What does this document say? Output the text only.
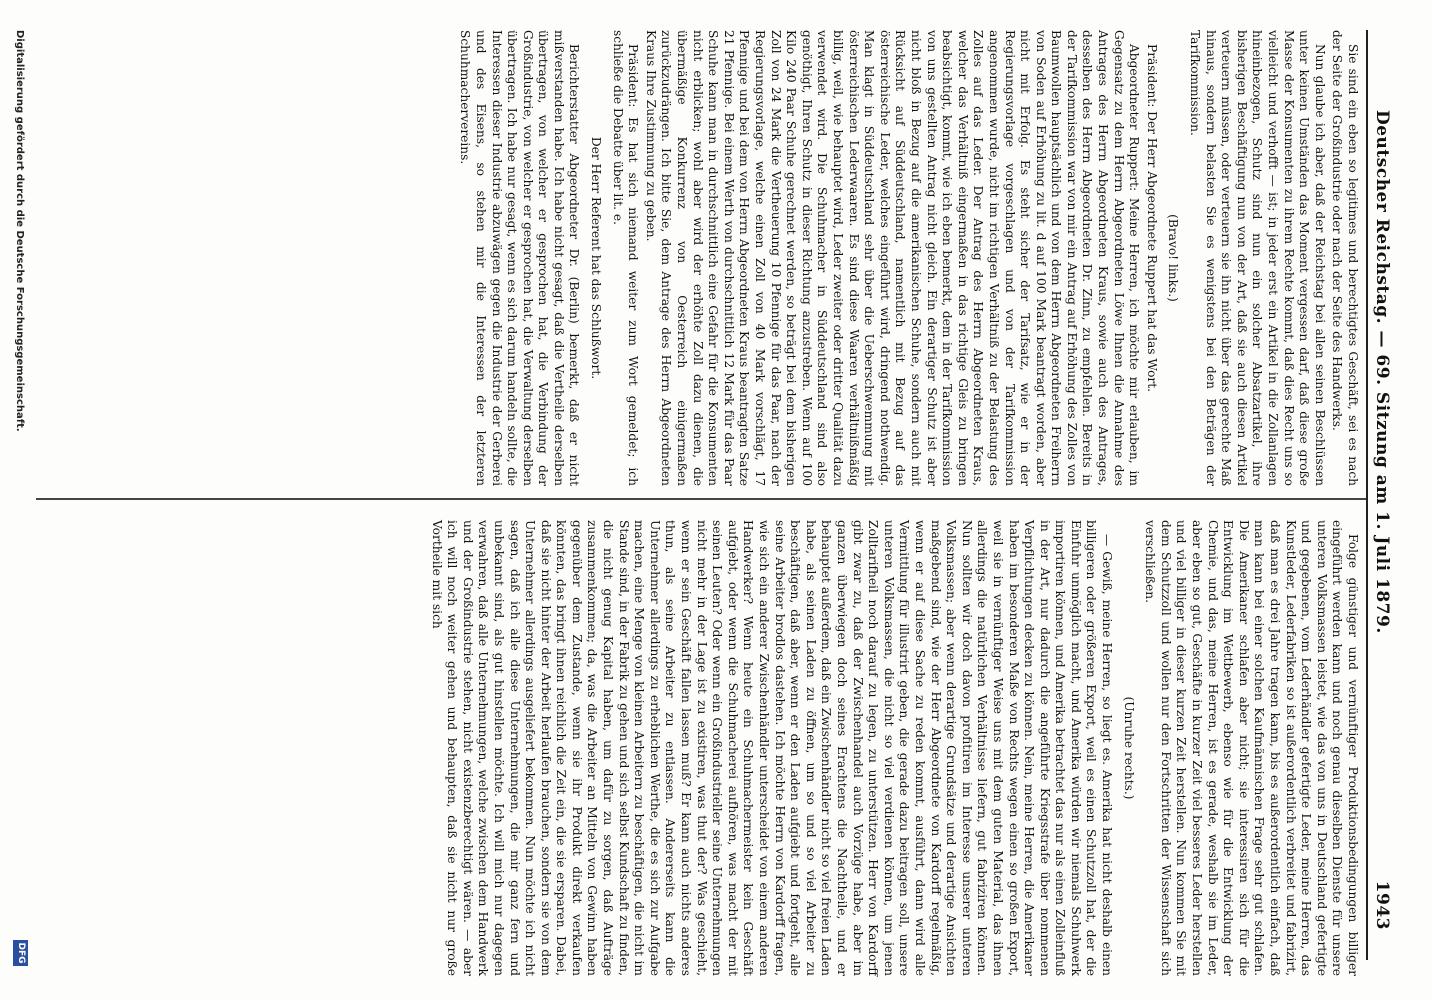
Deutscher Reichstag. — 69. Sitzung am 1. Juli 1879.
1943

Sie sind ein eben so legitimes und berechtigtes Geschäft, sei es nach der Seite der Großindustrie oder nach der Seite des Handwerks.

Nun glaube ich aber, daß der Reichstag bei allen seinen Beschlüssen unter keinen Umständen das Moment vergessen darf, daß diese große Masse der Konsumenten zu ihrem Rechte kommt, daß dies Recht uns so vielleicht und verhofft — ist; in jeder erst ein Artikel in die Zollanlagen hineinbezogen, Schutz sind nun ein solcher Absatzartikel, ihre bisherigen Beschäftigung nun von der Art, daß sie auch diesen Artikel verteuern müssen, oder verteuern sie ihn nicht über das gerechte Maß hinaus, sondern belasten Sie es wenigstens bei den Beträgen der Tarifkommission.

(Bravo! links.)

Präsident: Der Herr Abgeordnete Ruppert hat das Wort.

Abgeordneter Ruppert: Meine Herren, ich möchte mir erlauben, im Gegensatz zu dem Herrn Abgeordneten Löwe Ihnen die Annahme des Antrages des Herrn Abgeordneten Kraus, sowie auch des Antrages, desselben des Herrn Abgeordneten Dr. Zinn, zu empfehlen. Bereits in der Tarifkommission war von mir ein Antrag auf Erhöhung des Zolles von Baumwollen hauptsächlich und von dem Herrn Abgeordneten Freiherrn von Soden auf Erhöhung zu lit. d auf 100 Mark beantragt worden, aber nicht mit Erfolg. Es steht sicher der Tarifsatz, wie er in der Regierungsvorlage vorgeschlagen und von der Tarifkommission angenommen wurde, nicht im richtigen Verhältniß zu der Belastung des Zolles auf das Leder. Der Antrag des Herrn Abgeordneten Kraus, welcher das Verhältniß eingermaßen in das richtige Gleis zu bringen beabsichtigt, kommt, wie ich eben bemerkt, dem in der Tarifkommission von uns gestellten Antrag nicht gleich. Ein derartiger Schutz ist aber nicht bloß in Bezug auf die amerikanischen Schuhe, sondern auch mit Rücksicht auf Süddeutschland, namentlich mit Bezug auf das österreichische Leder, welches eingeführt wird, dringend nothwendig. Man klagt in Süddeutschland sehr über die Ueberschwemmung mit österreichischen Lederwaaren. Es sind diese Waaren verhältnißmäßig billig, weil, wie behauptet wird, Leder zweiter oder dritter Qualität dazu verwendet wird. Die Schuhmacher in Süddeutschland sind also genöthigt, Ihren Schutz in dieser Richtung anzustreben. Wenn auf 100 Kilo 240 Paar Schuhe gerechnet werden, so beträgt bei dem bisherigen Zoll von 24 Mark die Vertheuerung 10 Pfennige für das Paar, nach der Regierungsvorlage, welche einen Zoll von 40 Mark vorschlägt, 17 Pfennige und bei dem von Herrn Abgeordneten Kraus beantragten Satze 21 Pfennige. Bei einem Werth von durchschnittlich 12 Mark für das Paar Schuhe kann man in durchschnittlich eine Gefahr für die Konsumenten nicht erblicken; wohl aber wird der erhöhte Zoll dazu dienen, die übermäßige Konkurrenz von Oesterreich einigermaßen zurückzudrängen. Ich bitte Sie, dem Antrage des Herrn Abgeordneten Kraus Ihre Zustimmung zu geben.

Präsident: Es hat sich niemand weiter zum Wort gemeldet; ich schließe die Debatte über lit. e.

Der Herr Referent hat das Schlußwort.

Berichterstatter Abgeordneter Dr. (Berlin) bemerkt, daß er nicht mißverstanden habe. Ich habe nicht gesagt, daß die Vertheile derselben übertragen, von welcher er gesprochen hat, die Verbindung der Großindustrie, von welcher er gesprochen hat, die Verwaltung derselben übertragen. Ich habe nur gesagt, wenn es sich darum handeln sollte, die Interessen dieser Industrie abzuwägen gegen die Industrie der Gerberei und des Eisens, so stehen mir die Interessen der letzteren Schuhmachervereins.

Folge günstiger und vernünftiger Produktionsbedingungen billiger eingeführt werden kann und noch genau dieselben Dienste für unsere unteren Volksmassen leistet, wie das von uns in Deutschland gefertigte und gegebenen, vom Lederhändler gefertigte Leder, meine Herren, das Kunstleder, Lederfabriken so ist außerordentlich verbreitet und fabrizirt, daß man es drei Jahre tragen kann, bis es außerordentlich einfach, daß man kann bei einer solchen Kaufmännischen Frage sehr gut schlafen. Die Amerikaner schlafen aber nicht; sie interessiren sich für die Entwicklung im Wettbewerb, ebenso wie für die Entwicklung der Chemie, und das, meine Herren, ist es gerade, weshalb sie im Leder, aber eben so gut, Geschäfte in kurzer Zeit viel besseres Leder herstellen und viel billiger in dieser kurzen Zeit herstellen. Nun kommen Sie mit dem Schutzzoll und wollen nur den Fortschritten der Wissenschaft sich verschließen.

(Unruhe rechts.)

— Gewiß, meine Herren, so liegt es. Amerika hat nicht deshalb einen billigeren oder größeren Export, weil es einen Schutzzoll hat, der die Einfuhr unmöglich macht, und Amerika würden wir niemals Schuhwerk importiren können, und Amerika betrachtet das nur als einen Zolleinfluß in der Art, nur dadurch die angeführte Kriegsstrafe über nommenen Verpflichtungen decken zu können. Nein, meine Herren, die Amerikaner haben im besonderen Maße von Rechts wegen einen so großen Export, weil sie in vernünftiger Weise uns mit dem guten Material, das ihnen allerdings die natürlichen Verhältnisse liefern, gut fabriziren können. Nun sollten wir doch davon profitiren im Interesse unserer unteren Volksmassen; aber wenn derartige Grundsätze und derartige Ansichten maßgebend sind, wie der Herr Abgeordnete von Kardorff regelmäßig, wenn er auf diese Sache zu reden kommt, ausführt, dann wird alle Vermittlung für illustrirt geben, die gerade dazu beitragen soll, unsere unteren Volksmassen, die nicht so viel verdienen können, um jenen Zolltarifheil noch darauf zu legen, zu unterstützen. Herr von Kardorff gibt zwar zu, daß der Zwischenhandel auch Vorzüge habe, aber im ganzen überwiegen doch seines Erachtens die Nachtheile, und er behauptet außerdem, daß ein Zwischenhändler nicht so viel freien Laden habe, als seinen Laden zu öffnen, um so und so viel Arbeiter zu beschäftigen, daß aber, wenn er den Laden aufgiebt und fortgeht, alle seine Arbeiter brodlos dastehen. Ich möchte Herrn von Kardorff fragen, wie sich ein anderer Zwischenhändler unterscheidet von einem anderen Handwerker? Wenn heute ein Schuhmachermeister kein Geschäft aufgiebt, oder wenn die Schuhmacherei aufhören, was macht der mit seinen Leuten? Oder wenn ein Großindustrieller seine Unternehmungen nicht mehr in der Lage ist zu existiren, was thut der? Was geschieht, wenn er sein Geschäft fallen lassen muß? Er kann auch nichts anderes thun, als seine Arbeiter zu entlassen. Andererseits kann die Unternehmer allerdings zu erheblichen Werthe, die es sich zur Aufgabe machen, eine Menge von kleinen Arbeitern zu beschäftigen, die nicht im Stande sind, in der Fabrik zu gehen und sich selbst Kundschaft zu finden, die nicht genug Kapital haben, um dafür zu sorgen, daß Aufträge zusammenkommen; da, was die Arbeiter an Mitteln von Gewinn haben gegenüber dem Zustande, wenn sie ihr Produkt direkt verkaufen könnten, das bringt ihnen reichlich die Zeit ein, die sie ersparen. Dabei, daß sie nicht hinter der Arbeit herlaufen brauchen, sondern sie von dem Unternehmer allerdings ausgeliefert bekommen. Nun möchte ich nicht sagen, daß ich alle diese Unternehmungen, die mir ganz fern und unbekannt sind, als gut hinstellen möchte. Ich will mich nur dagegen verwahren, daß alle Unternehmungen, welche zwischen dem Handwerk und der Großindustrie stehen, nicht existenzberechtigt wären. — aber ich will noch weiter gehen und behaupten, daß sie nicht nur große Vortheile mit sich

Digitalisierung gefördert durch die Deutsche Forschungsgemeinschaft.
DFG
